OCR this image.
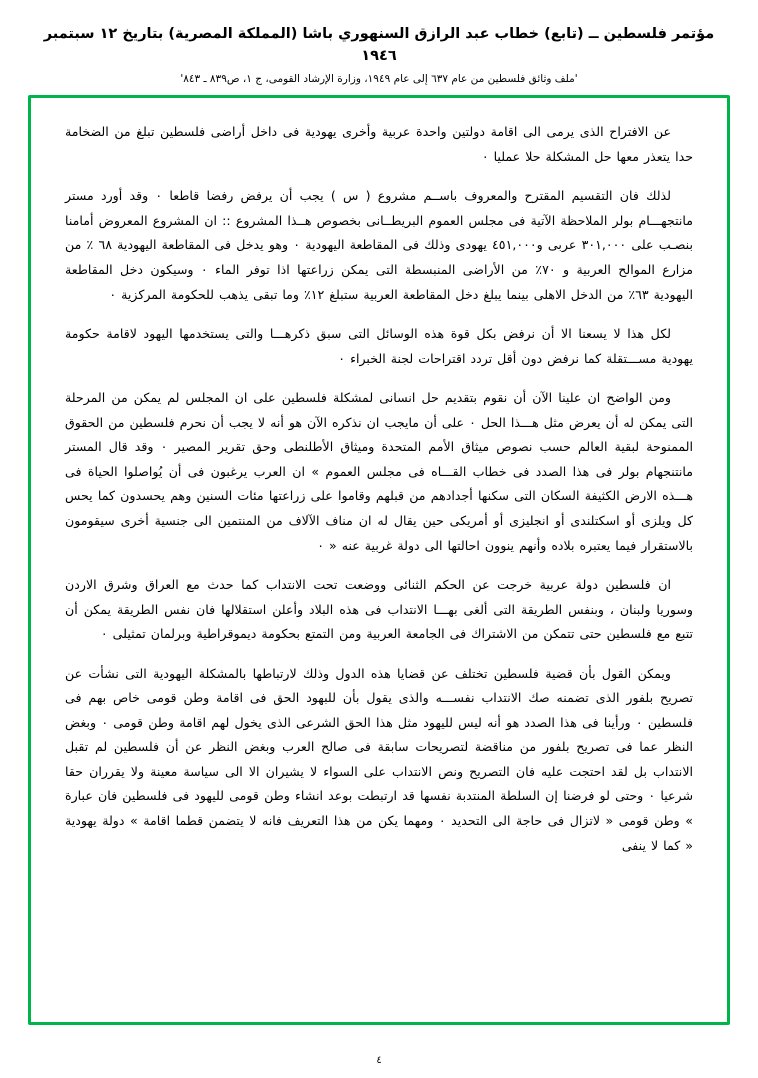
مؤتمر فلسطين ــ (تابع) خطاب عبد الرازق السنهوري باشا (المملكة المصرية) بتاريخ ١٢ سبتمبر ١٩٤٦
'ملف وثائق فلسطين من عام ٦٣٧ إلى عام ١٩٤٩، وزارة الإرشاد القومى، ج ١، ص٨٣٩ ـ ٨٤٣'

عن الافتراح الذى يرمى الى اقامة دولتين واحدة عربية وأخرى يهودية فى داخل أراضى فلسطين تبلغ من الضخامة حدا يتعذر معها حل المشكلة حلا عمليا ٠

لذلك فان التقسيم المقترح والمعروف باســم مشروع ( س ) يجب أن يرفض رفضا قاطعا ٠ وقد أورد مستر مانتجهـــام بولر الملاحظة الآتية فى مجلس العموم البريطــانى بخصوص هــذا المشروع :: ان المشروع المعروض أمامنا بنصـب على ٣٠١,٠٠٠ عربى و٤٥١,٠٠٠ يهودى وذلك فى المقاطعة اليهودية ٠ وهو يدخل فى المقاطعة اليهودية ٦٨ ٪ من مزارع الموالح العربية و ٧٠٪ من الأراضى المنبسطة التى يمكن زراعتها اذا توفر الماء ٠ وسيكون دخل المقاطعة اليهودية ٦٣٪ من الدخل الاهلى بينما يبلغ دخل المقاطعة العربية ستبلغ ١٢٪ وما تبقى يذهب للحكومة المركزية ٠

لكل هذا لا يسعنا الا أن نرفض بكل قوة هذه الوسائل التى سبق ذكرهـــا والتى يستخدمها اليهود لاقامة حكومة يهودية مســـتقلة كما نرفض دون أقل تردد اقتراحات لجنة الخبراء ٠

ومن الواضح ان علينا الآن أن نقوم بتقديم حل انسانى لمشكلة فلسطين على ان المجلس لم يمكن من المرحلة التى يمكن له أن يعرض مثل هـــذا الحل ٠ على أن مايجب ان نذكره الآن هو أنه لا يجب أن نحرم فلسطين من الحقوق الممنوحة لبقية العالم حسب نصوص ميثاق الأمم المتحدة وميثاق الأطلنطى وحق تقرير المصير ٠ وقد قال المستر مانتنجهام بولر فى هذا الصدد فى خطاب القـــاه فى مجلس العموم » ان العرب يرغبون فى أن يُواصلوا الحياة فى هـــذه الارض الكثيفة السكان التى سكنها أجدادهم من قبلهم وقاموا على زراعتها مئات السنين وهم يحسدون كما يحس كل ويلزى أو اسكتلندى أو انجليزى أو أمريكى حين يقال له ان مناف الآلاف من المنتمين الى جنسية أخرى سيقومون بالاستقرار فيما يعتبره بلاده وأنهم ينوون احالتها الى دولة غربية عنه « ٠

ان فلسطين دولة عربية خرجت عن الحكم الثنائى ووضعت تحت الانتداب كما حدث مع العراق وشرق الاردن وسوريا ولبنان ، وبنفس الطريقة التى ألغى بهـــا الانتداب فى هذه البلاد وأعلن استقلالها فان نفس الطريقة يمكن أن تتبع مع فلسطين حتى تتمكن من الاشتراك فى الجامعة العربية ومن التمتع بحكومة ديموقراطية وبرلمان تمثيلى ٠

ويمكن القول بأن قضية فلسطين تختلف عن قضايا هذه الدول وذلك لارتباطها بالمشكلة اليهودية التى نشأت عن تصريح بلفور الذى تضمنه صك الانتداب نفســـه والذى يقول بأن للبهود الحق فى اقامة وطن قومى خاص بهم فى فلسطين ٠ ورأينا فى هذا الصدد هو أنه ليس لليهود مثل هذا الحق الشرعى الذى يخول لهم اقامة وطن قومى ٠ وبغض النظر عما فى تصريح بلفور من مناقضة لتصريحات سابقة فى صالح العرب وبغض النظر عن أن فلسطين لم تقبل الانتداب بل لقد احتجت عليه فان التصريح ونص الانتداب على السواء لا يشيران الا الى سياسة معينة ولا يقرران حقا شرعيا ٠ وحتى لو فرضنا إن السلطة المنتدبة نفسها قد ارتبطت بوعد انشاء وطن قومى لليهود فى فلسطين فان عبارة » وطن قومى « لاتزال فى حاجة الى التحديد ٠ ومهما يكن من هذا التعريف فانه لا يتضمن قطما اقامة » دولة يهودية « كما لا ينفى

٤
